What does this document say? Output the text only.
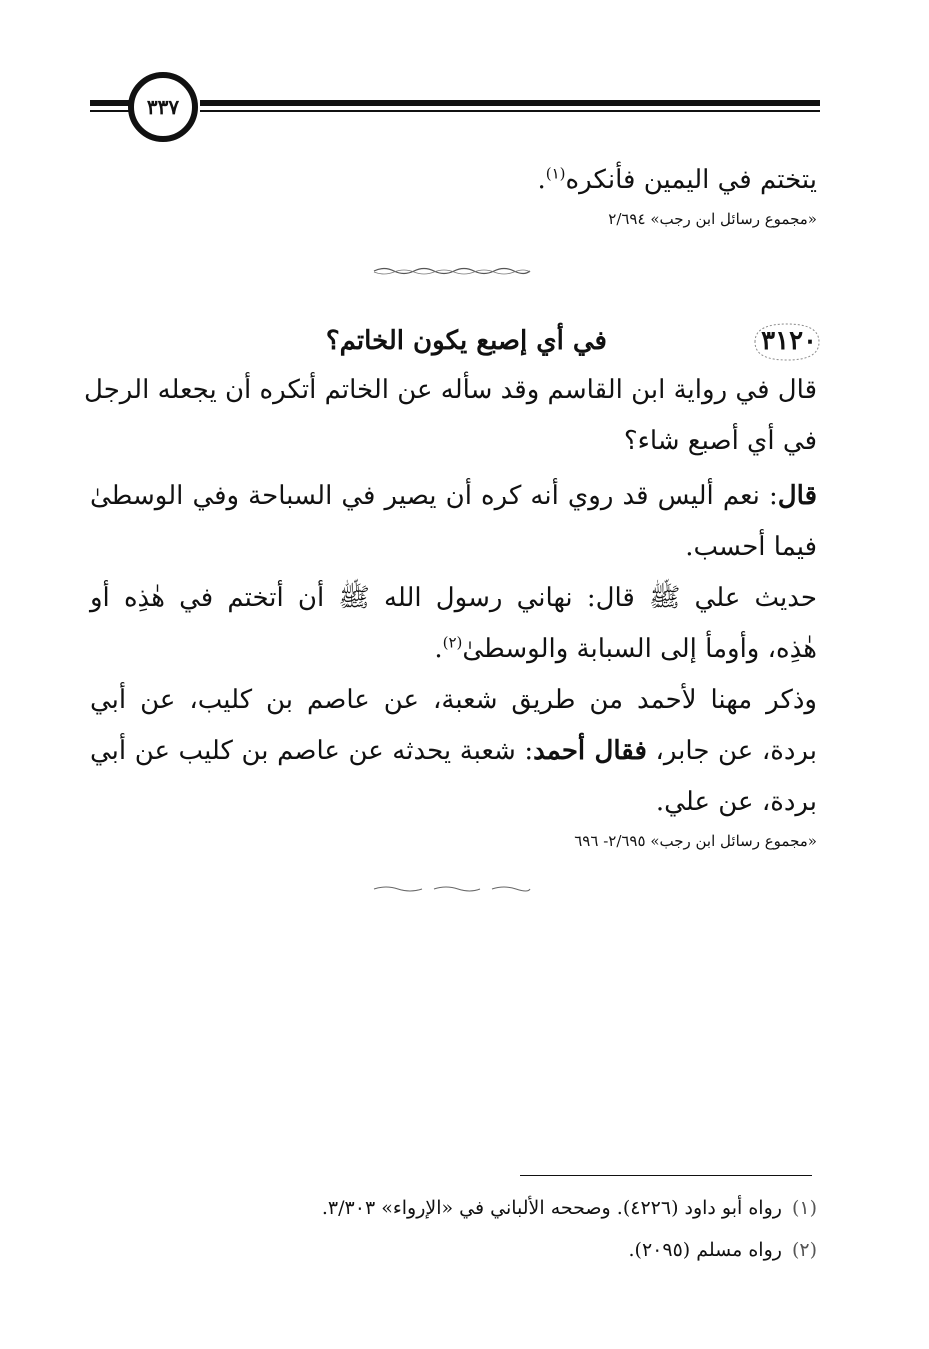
٣٣٧
يتختم في اليمين فأنكره$^{(١)}$.
«مجموع رسائل ابن رجب» ٢/٦٩٤
٣١٢٠
في أي إصبع يكون الخاتم؟
قال في رواية ابن القاسم وقد سأله عن الخاتم أتكره أن يجعله الرجل
في أي أصبع شاء؟
قال: نعم أليس قد روي أنه كره أن يصير في السباحة وفي الوسطىٰ
فيما أحسب.
حديث علي ﷺ قال: نهاني رسول الله ﷺ أن أتختم في هٰذِه أو
هٰذِه، وأومأ إلى السبابة والوسطىٰ$^{(٢)}$.
وذكر مهنا لأحمد من طريق شعبة، عن عاصم بن كليب، عن أبي
بردة، عن جابر، فقال أحمد: شعبة يحدثه عن عاصم بن كليب عن أبي
بردة، عن علي.
«مجموع رسائل ابن رجب» ٢/٦٩٥- ٦٩٦
(١)رواه أبو داود (٤٢٢٦). وصححه الألباني في «الإرواء» ٣/٣٠٣.
(٢)رواه مسلم (٢٠٩٥).
